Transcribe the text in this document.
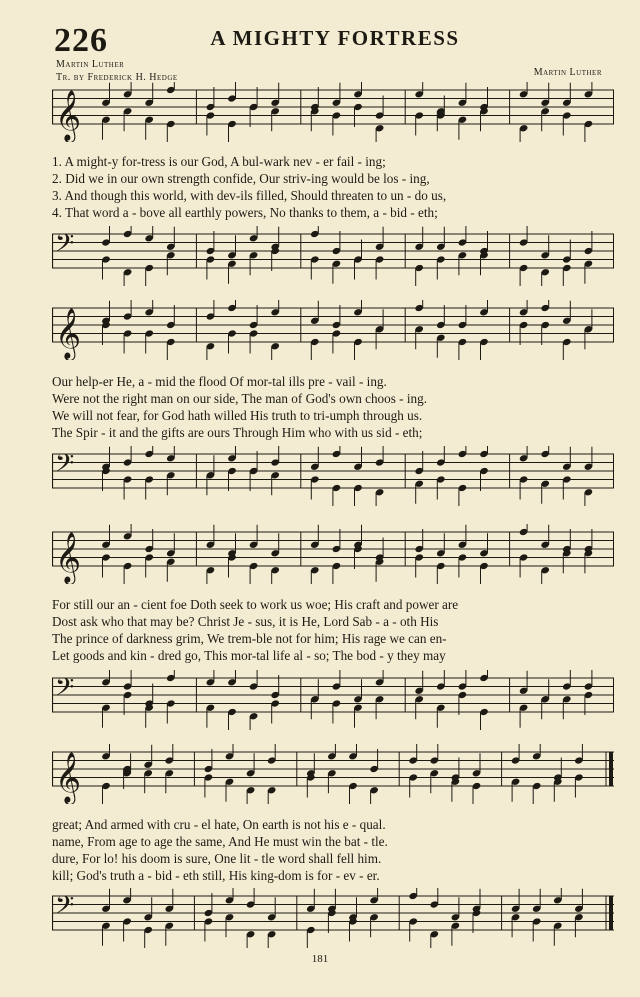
226	A MIGHTY FORTRESS
Martin Luther
Tr. by Frederick H. Hedge	Martin Luther
𝄞
1. A might-y for-tress is our God, A bul-wark nev - er fail - ing;
2. Did we in our own strength confide, Our striv-ing would be los - ing,
3. And though this world, with dev-ils filled, Should threaten to un - do us,
4. That word a - bove all earthly powers, No thanks to them, a - bid - eth;
𝄢
𝄞
Our help-er He, a - mid the flood Of mor-tal ills pre - vail - ing.
Were not the right man on our side, The man of God's own choos - ing.
We will not fear, for God hath willed His truth to tri-umph through us.
The Spir - it and the gifts are ours Through Him who with us sid - eth;
𝄢
𝄞
For still our an - cient foe Doth seek to work us woe; His craft and power are
Dost ask who that may be? Christ Je - sus, it is He, Lord Sab - a - oth His
The prince of darkness grim, We trem-ble not for him; His rage we can en-
Let goods and kin - dred go, This mor-tal life al - so; The bod - y they may
𝄢
𝄞
great; And armed with cru - el hate, On earth is not his e - qual.
name, From age to age the same, And He must win the bat - tle.
dure, For lo! his doom is sure, One lit - tle word shall fell him.
kill; God's truth a - bid - eth still, His king-dom is for - ev - er.
𝄢
181
